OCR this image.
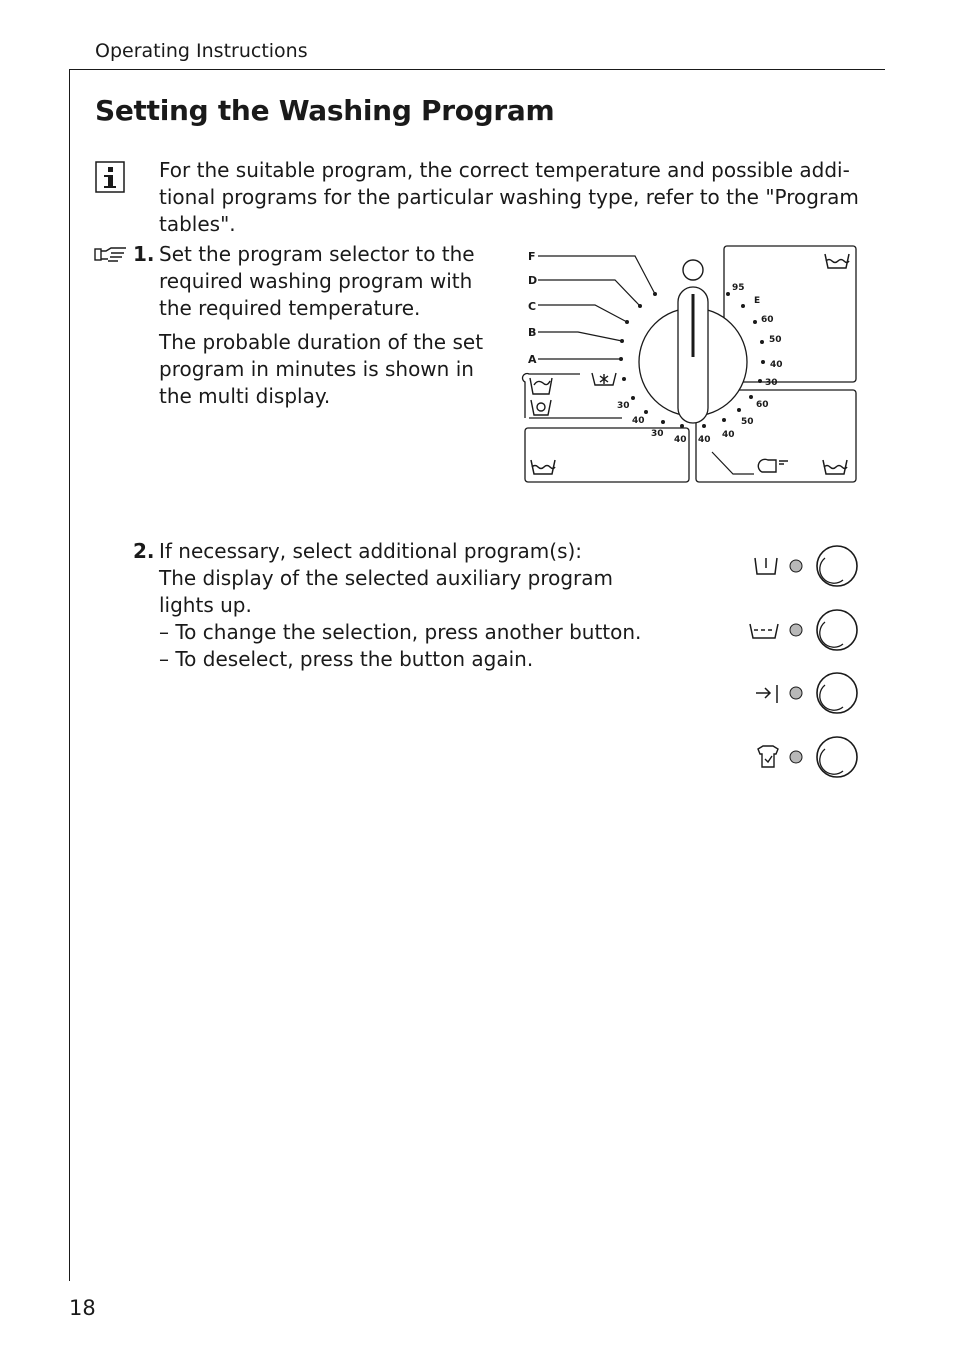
Operating Instructions
Setting the Washing Program
For the suitable program, the correct temperature and possible addi-tional programs for the particular washing type, refer to the "Program tables".
1. Set the program selector to the required washing program with the required temperature.
The probable duration of the set program in minutes is shown in the multi display.
F
D
C
B
A
95
E
60
50
40
30
60
50
40
40
30
40
30
40
2. If necessary, select additional program(s):
The display of the selected auxiliary program lights up.
– To change the selection, press another button.
– To deselect, press the button again.
18
